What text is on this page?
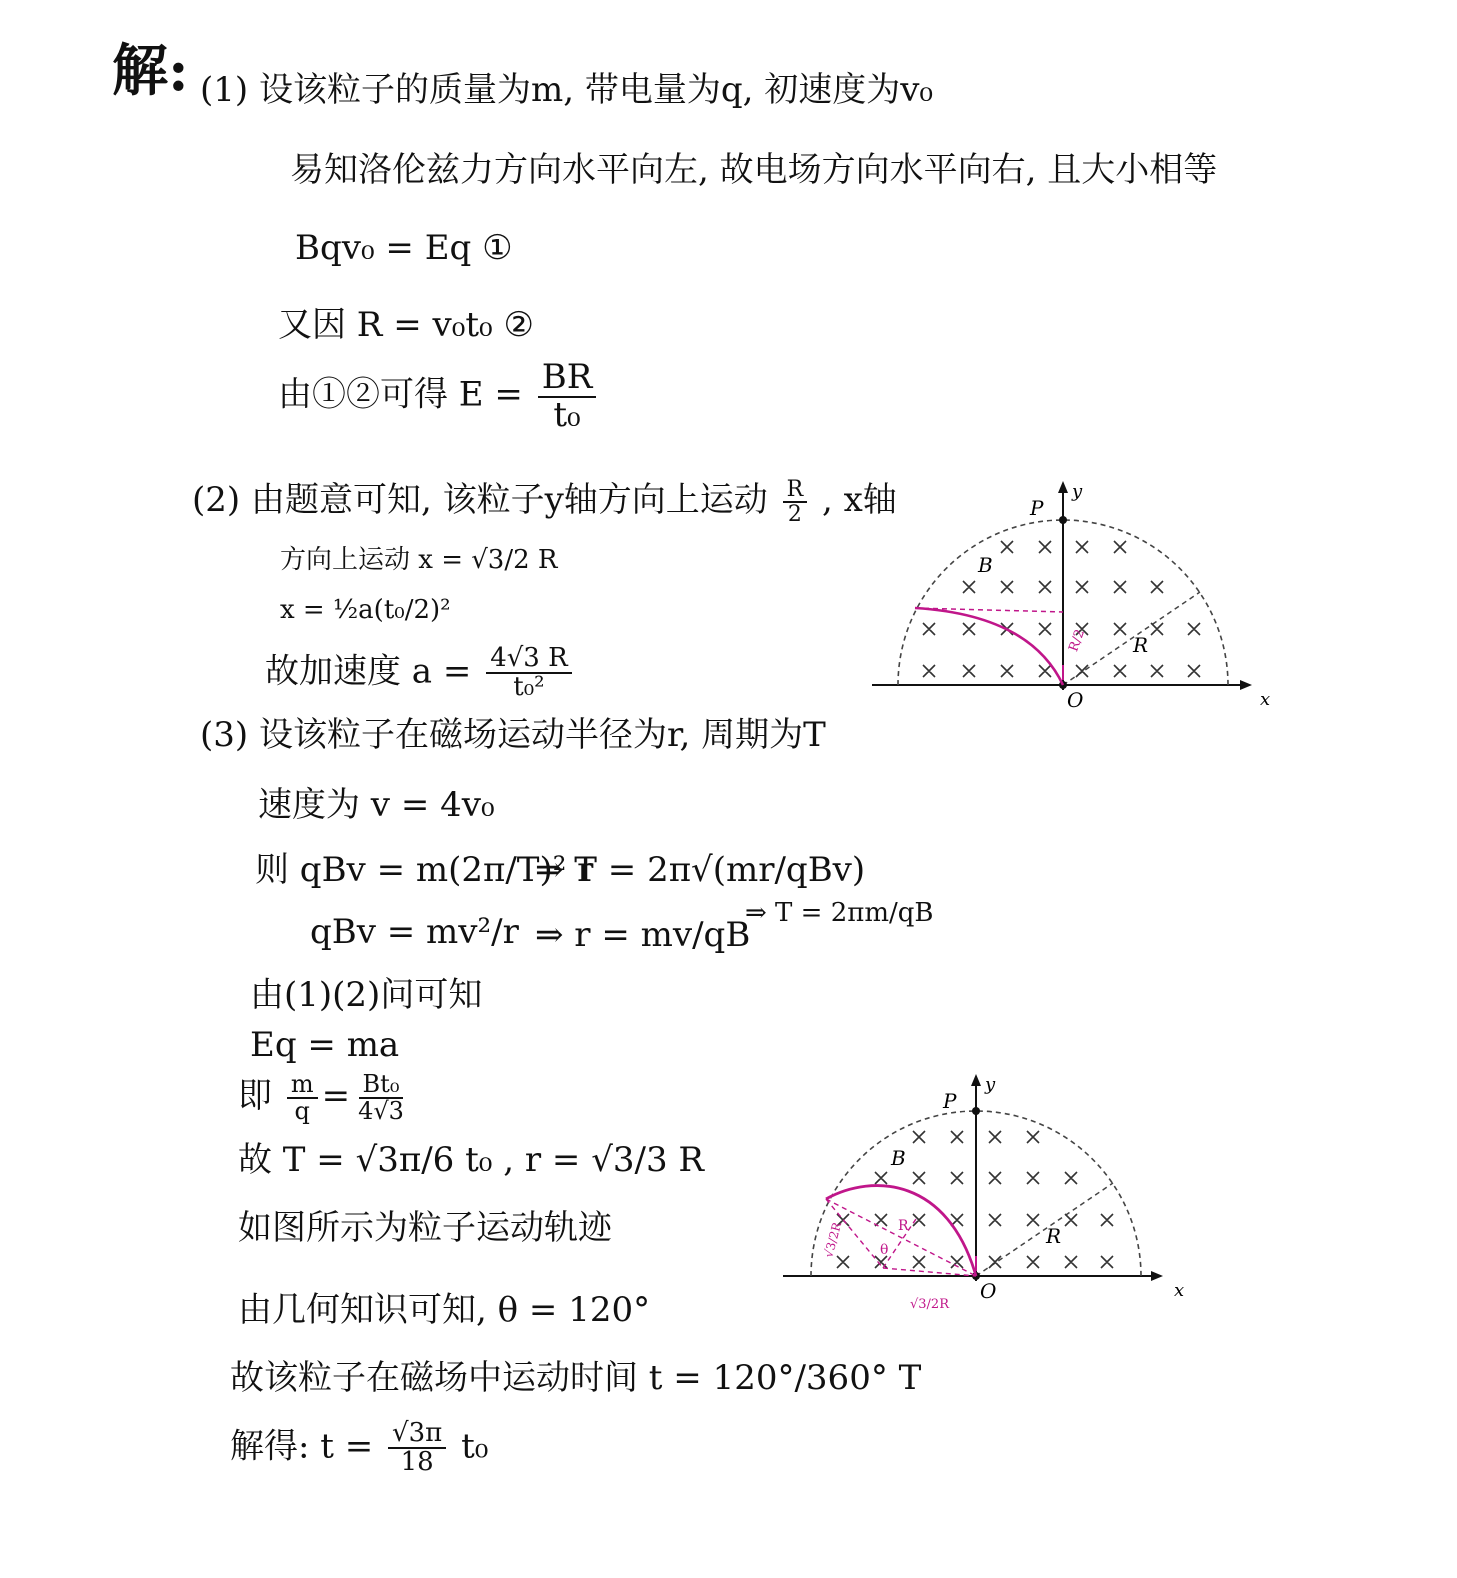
解: (1) 设该粒子的质量为m, 带电量为q, 初速度为v₀
易知洛伦兹力方向水平向左, 故电场方向水平向右, 且大小相等
Bqv₀ = Eq ①
又因 R = v₀t₀ ②
由①②可得 $E = \frac{BR}{\text{t₀}}$
(2) 由题意可知, 该粒子y轴方向上运动 $\frac{R}{2}$ , x轴
方向上运动 x = √3/2 R
x = ½a(t₀/2)²
故加速度 $a = \frac{4√3 R}{\text{t₀²}}$
(3) 设该粒子在磁场运动半径为r, 周期为T
速度为 v = 4v₀
则 qBv = m(2π/T)² r
⇒ T = 2π√(mr/qBv)
qBv = mv²/r ⇒ r = mv/qB
⇒ T = 2πm/qB
由(1)(2)问可知
Eq = ma
即 $\frac{m}{q} = \frac{\text{Bt₀}}{4√3}$
故 T = √3π/6 t₀ , r = √3/3 R
如图所示为粒子运动轨迹
由几何知识可知, θ = 120°
故该粒子在磁场中运动时间 t = 120°/360° T
解得: $t = \frac{√3\pi}{18} t_0$
y
x
P
B
R
O
R/2
y
x
P
B
R
O
R
θ
√3/2R
√3/2R
